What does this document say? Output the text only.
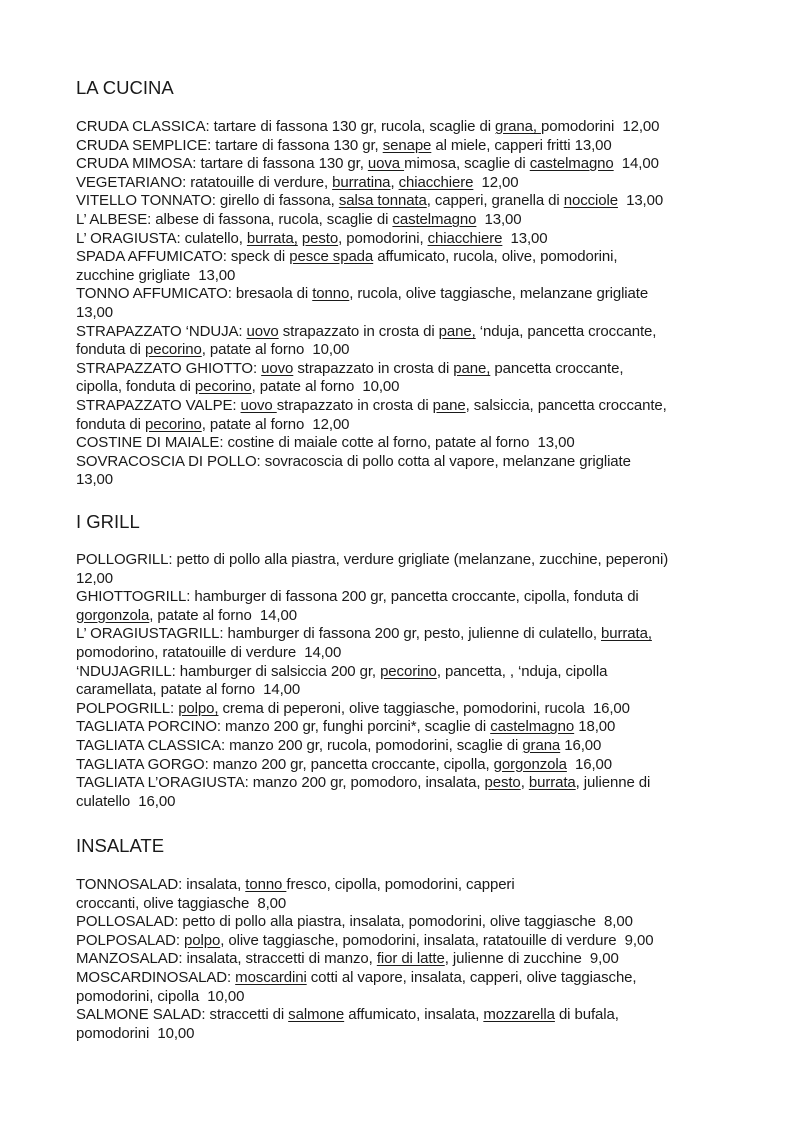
LA CUCINA
CRUDA CLASSICA: tartare di fassona 130 gr, rucola, scaglie di grana, pomodorini  12,00
CRUDA SEMPLICE: tartare di fassona 130 gr, senape al miele, capperi fritti 13,00
CRUDA MIMOSA: tartare di fassona 130 gr, uova mimosa, scaglie di castelmagno  14,00
VEGETARIANO: ratatouille di verdure, burratina, chiacchiere  12,00
VITELLO TONNATO: girello di fassona, salsa tonnata, capperi, granella di nocciole  13,00
L’ ALBESE: albese di fassona, rucola, scaglie di castelmagno  13,00
L’ ORAGIUSTA: culatello, burrata, pesto, pomodorini, chiacchiere  13,00
SPADA AFFUMICATO: speck di pesce spada affumicato, rucola, olive, pomodorini,
zucchine grigliate  13,00
TONNO AFFUMICATO: bresaola di tonno, rucola, olive taggiasche, melanzane grigliate
13,00
STRAPAZZATO ‘NDUJA: uovo strapazzato in crosta di pane, ‘nduja, pancetta croccante,
fonduta di pecorino, patate al forno  10,00
STRAPAZZATO GHIOTTO: uovo strapazzato in crosta di pane, pancetta croccante,
cipolla, fonduta di pecorino, patate al forno  10,00
STRAPAZZATO VALPE: uovo strapazzato in crosta di pane, salsiccia, pancetta croccante,
fonduta di pecorino, patate al forno  12,00
COSTINE DI MAIALE: costine di maiale cotte al forno, patate al forno  13,00
SOVRACOSCIA DI POLLO: sovracoscia di pollo cotta al vapore, melanzane grigliate
13,00
I GRILL
POLLOGRILL: petto di pollo alla piastra, verdure grigliate (melanzane, zucchine, peperoni)
12,00
GHIOTTOGRILL: hamburger di fassona 200 gr, pancetta croccante, cipolla, fonduta di
gorgonzola, patate al forno  14,00
L’ ORAGIUSTAGRILL: hamburger di fassona 200 gr, pesto, julienne di culatello, burrata,
pomodorino, ratatouille di verdure  14,00
‘NDUJAGRILL: hamburger di salsiccia 200 gr, pecorino, pancetta, , ‘nduja, cipolla
caramellata, patate al forno  14,00
POLPOGRILL: polpo, crema di peperoni, olive taggiasche, pomodorini, rucola  16,00
TAGLIATA PORCINO: manzo 200 gr, funghi porcini*, scaglie di castelmagno 18,00
TAGLIATA CLASSICA: manzo 200 gr, rucola, pomodorini, scaglie di grana 16,00
TAGLIATA GORGO: manzo 200 gr, pancetta croccante, cipolla, gorgonzola  16,00
TAGLIATA L’ORAGIUSTA: manzo 200 gr, pomodoro, insalata, pesto, burrata, julienne di
culatello  16,00
INSALATE
TONNOSALAD: insalata, tonno fresco, cipolla, pomodorini, capperi
croccanti, olive taggiasche  8,00
POLLOSALAD: petto di pollo alla piastra, insalata, pomodorini, olive taggiasche  8,00
POLPOSALAD: polpo, olive taggiasche, pomodorini, insalata, ratatouille di verdure  9,00
MANZOSALAD: insalata, straccetti di manzo, fior di latte, julienne di zucchine  9,00
MOSCARDINOSALAD: moscardini cotti al vapore, insalata, capperi, olive taggiasche,
pomodorini, cipolla  10,00
SALMONE SALAD: straccetti di salmone affumicato, insalata, mozzarella di bufala,
pomodorini  10,00
